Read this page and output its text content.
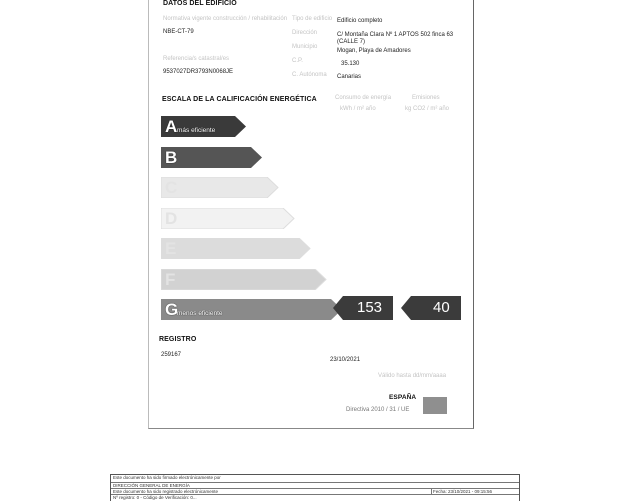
DATOS DEL EDIFICIO
Normativa vigente construcción / rehabilitación
NBE-CT-79
Referencia/s catastral/es
9537027DR3793N0068JE
Tipo de edificio Edificio completo
Dirección	C/ Montaña Clara Nº 1 APTOS 502 finca 63 (CALLE 7)
Municipio
Mogan, Playa de Amadores
C.P.	35.130
C. Autónoma Canarias
ESCALA DE LA CALIFICACIÓN ENERGÉTICA	Consumo de energía
kWh / m² año
Emisiones
kg CO2 / m² año
A más eficiente
B
C
D
E
F
G
menos eficiente	153	40
REGISTRO
259167
23/10/2021
Válido hasta dd/mm/aaaa
ESPAÑA
Directiva 2010 / 31 / UE
Este documento ha sido firmado electrónicamente por
DIRECCIÓN GENERAL DE ENERGÍA
Este documento ha sido registrado electrónicamente	Fecha: 23/10/2021 - 09:15:56
Nº registro: 0 - Código de Verificación: 0...
